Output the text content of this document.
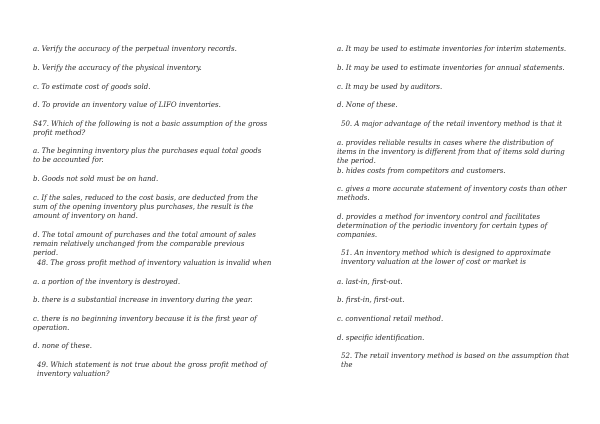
a. Verify the accuracy of the perpetual inventory records.

b. Verify the accuracy of the physical inventory.

c. To estimate cost of goods sold.

d. To provide an inventory value of LIFO inventories.

S47. Which of the following is not a basic assumption of the gross profit method?

a. The beginning inventory plus the purchases equal total goods to be accounted for.

b. Goods not sold must be on hand.

c. If the sales, reduced to the cost basis, are deducted from the sum of the opening inventory plus purchases, the result is the amount of inventory on hand.

d. The total amount of purchases and the total amount of sales remain relatively unchanged from the comparable previous period.

48. The gross profit method of inventory valuation is invalid when

a. a portion of the inventory is destroyed.

b. there is a substantial increase in inventory during the year.

c. there is no beginning inventory because it is the first year of operation.

d. none of these.

49. Which statement is not true about the gross profit method of inventory valuation?

a. It may be used to estimate inventories for interim statements.

b. It may be used to estimate inventories for annual statements.

c. It may be used by auditors.

d. None of these.

50. A major advantage of the retail inventory method is that it

a. provides reliable results in cases where the distribution of items in the inventory is different from that of items sold during the period.

b. hides costs from competitors and customers.

c. gives a more accurate statement of inventory costs than other methods.

d. provides a method for inventory control and facilitates determination of the periodic inventory for certain types of companies.

51. An inventory method which is designed to approximate inventory valuation at the lower of cost or market is

a. last-in, first-out.

b. first-in, first-out.

c. conventional retail method.

d. specific identification.

52. The retail inventory method is based on the assumption that the
